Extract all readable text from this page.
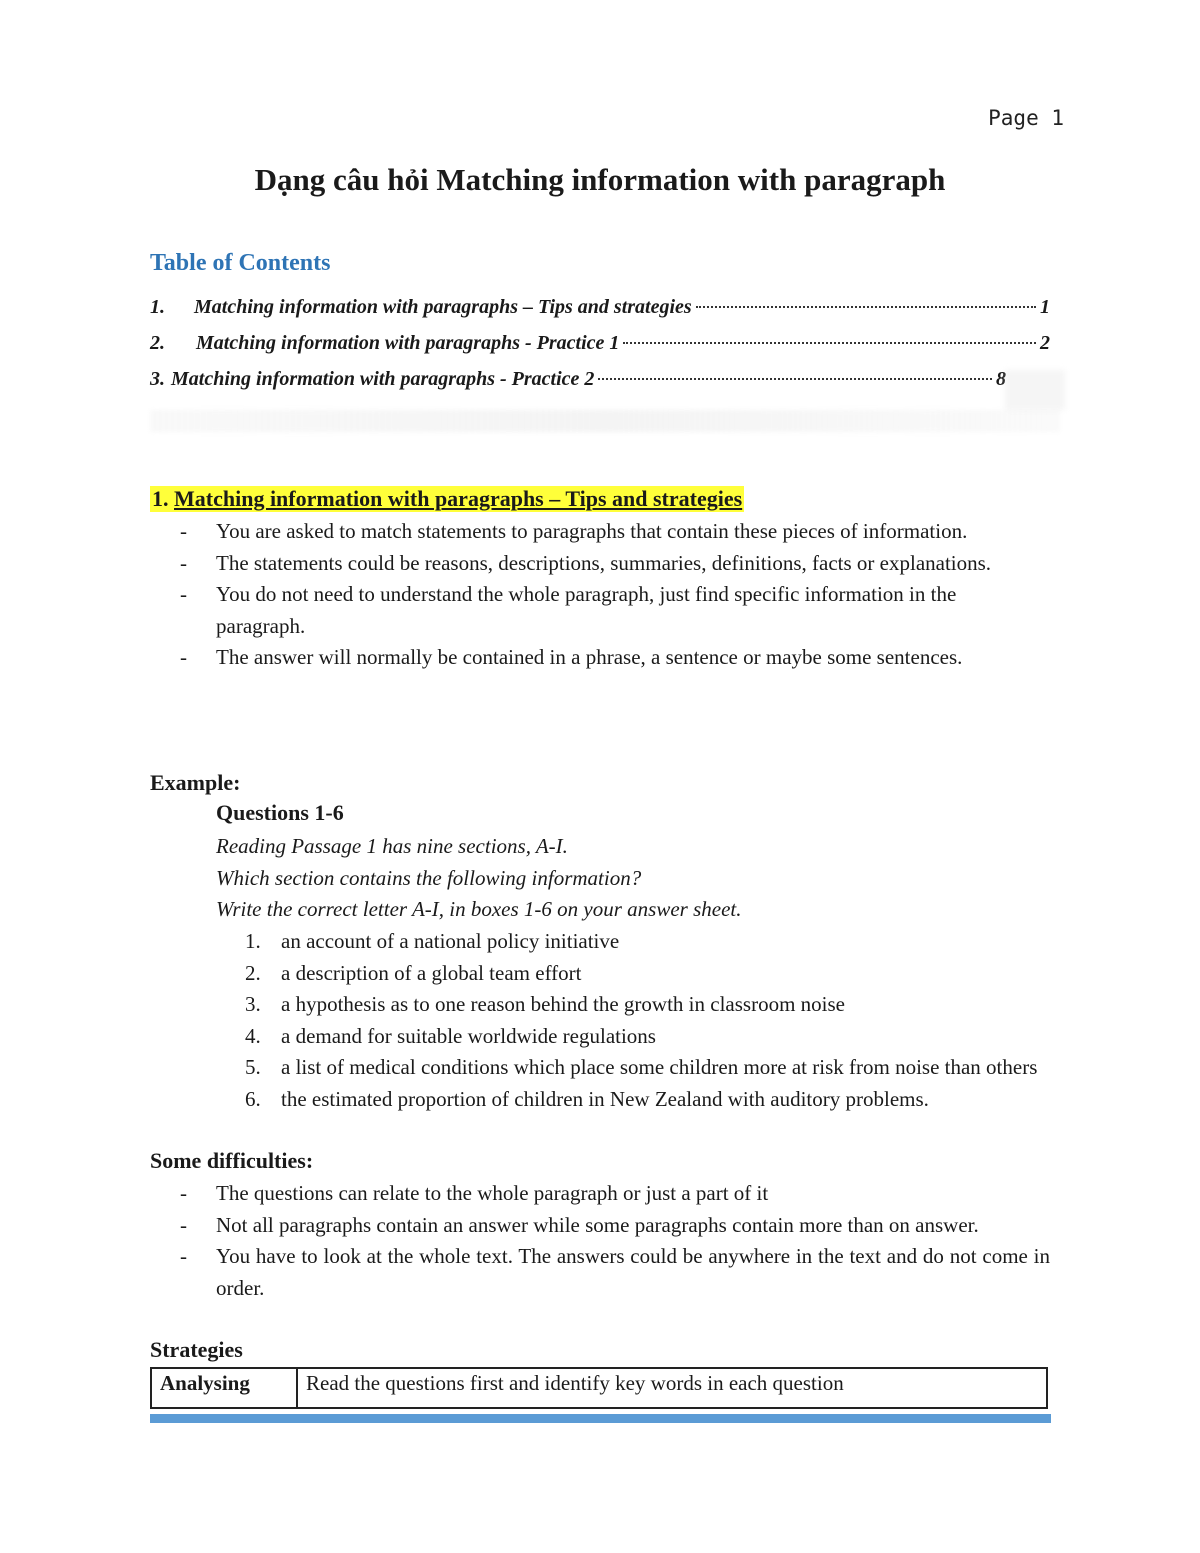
Page 1
Dạng câu hỏi Matching information with paragraph
Table of Contents
1.	Matching information with paragraphs – Tips and strategies	1
2.	Matching information with paragraphs - Practice 1	2
3. Matching information with paragraphs - Practice 2	8
1. Matching information with paragraphs – Tips and strategies
- You are asked to match statements to paragraphs that contain these pieces of information.
- The statements could be reasons, descriptions, summaries, definitions, facts or explanations.
- You do not need to understand the whole paragraph, just find specific information in the paragraph.
- The answer will normally be contained in a phrase, a sentence or maybe some sentences.
Example:
Questions 1-6
Reading Passage 1 has nine sections, A-I.
Which section contains the following information?
Write the correct letter A-I, in boxes 1-6 on your answer sheet.
1. an account of a national policy initiative
2. a description of a global team effort
3. a hypothesis as to one reason behind the growth in classroom noise
4. a demand for suitable worldwide regulations
5. a list of medical conditions which place some children more at risk from noise than others
6. the estimated proportion of children in New Zealand with auditory problems.
Some difficulties:
- The questions can relate to the whole paragraph or just a part of it
- Not all paragraphs contain an answer while some paragraphs contain more than on answer.
- You have to look at the whole text. The answers could be anywhere in the text and do not come in order.
Strategies
Analysing	Read the questions first and identify key words in each question
